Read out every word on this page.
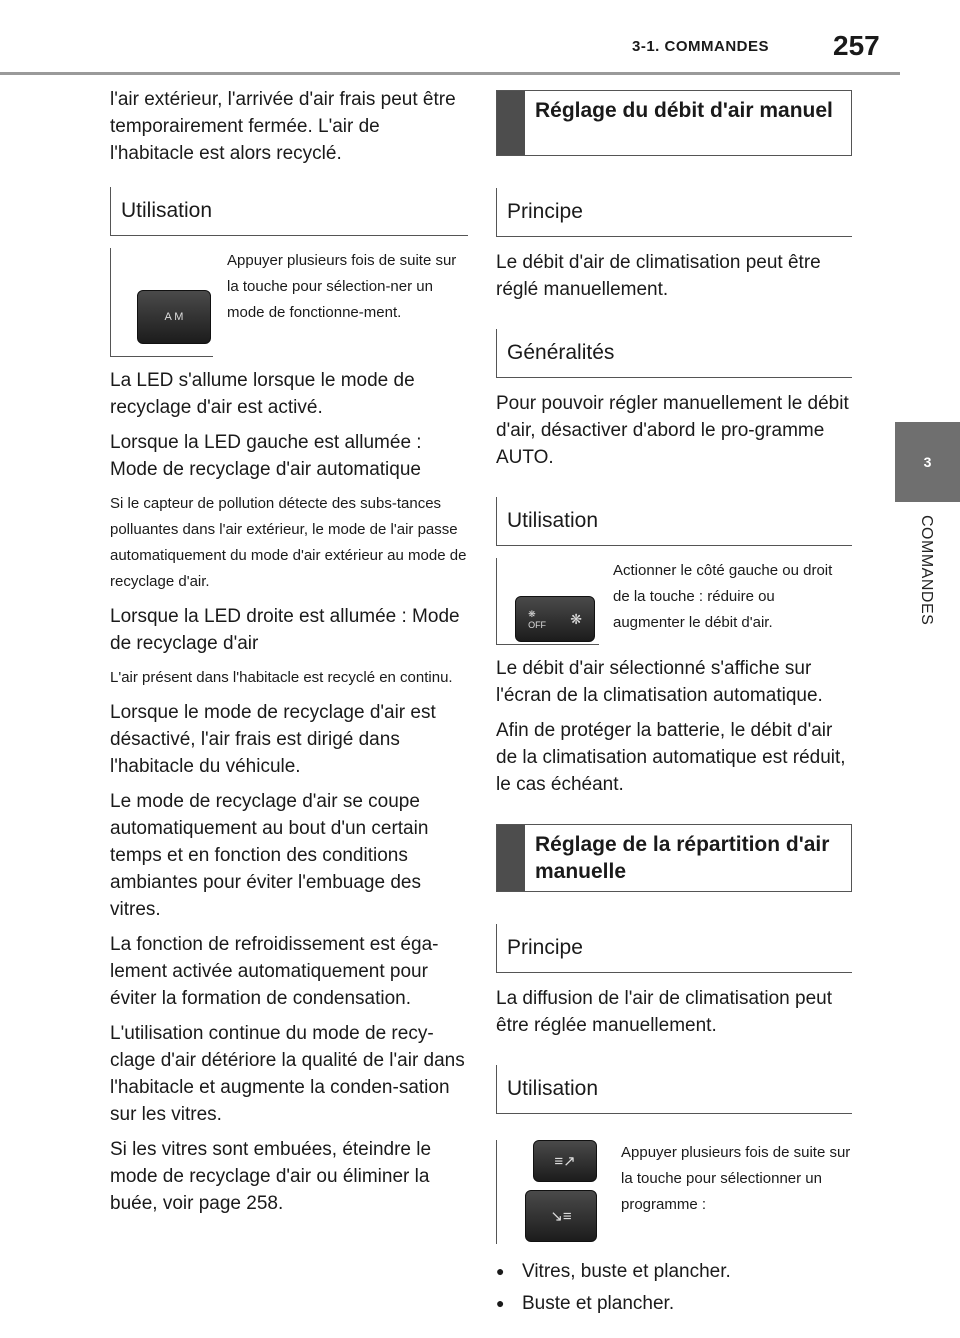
3-1. COMMANDES 257
3
COMMANDES

l'air extérieur, l'arrivée d'air frais peut être temporairement fermée. L'air de l'habitacle est alors recyclé.

Utilisation
A M
Appuyer plusieurs fois de suite sur la touche pour sélection-ner un mode de fonctionne-ment.

La LED s'allume lorsque le mode de recyclage d'air est activé.

Lorsque la LED gauche est allumée : Mode de recyclage d'air automatique

Si le capteur de pollution détecte des subs-tances polluantes dans l'air extérieur, le mode de l'air passe automatiquement du mode d'air extérieur au mode de recyclage d'air.

Lorsque la LED droite est allumée : Mode de recyclage d'air

L'air présent dans l'habitacle est recyclé en continu.

Lorsque le mode de recyclage d'air est désactivé, l'air frais est dirigé dans l'habitacle du véhicule.

Le mode de recyclage d'air se coupe automatiquement au bout d'un certain temps et en fonction des conditions ambiantes pour éviter l'embuage des vitres.

La fonction de refroidissement est éga-lement activée automatiquement pour éviter la formation de condensation.

L'utilisation continue du mode de recy-clage d'air détériore la qualité de l'air dans l'habitacle et augmente la conden-sation sur les vitres.

Si les vitres sont embuées, éteindre le mode de recyclage d'air ou éliminer la buée, voir page 258.

Réglage du débit d'air manuel
Principe

Le débit d'air de climatisation peut être réglé manuellement.

Généralités

Pour pouvoir régler manuellement le débit d'air, désactiver d'abord le pro-gramme AUTO.

Utilisation
❋
OFF ❋
Actionner le côté gauche ou droit de la touche : réduire ou augmenter le débit d'air.

Le débit d'air sélectionné s'affiche sur l'écran de la climatisation automatique.

Afin de protéger la batterie, le débit d'air de la climatisation automatique est réduit, le cas échéant.

Réglage de la répartition d'air manuelle
Principe

La diffusion de l'air de climatisation peut être réglée manuellement.

Utilisation
≡↗
↘≡
Appuyer plusieurs fois de suite sur la touche pour sélectionner un programme :
● Vitres, buste et plancher.
● Buste et plancher.
